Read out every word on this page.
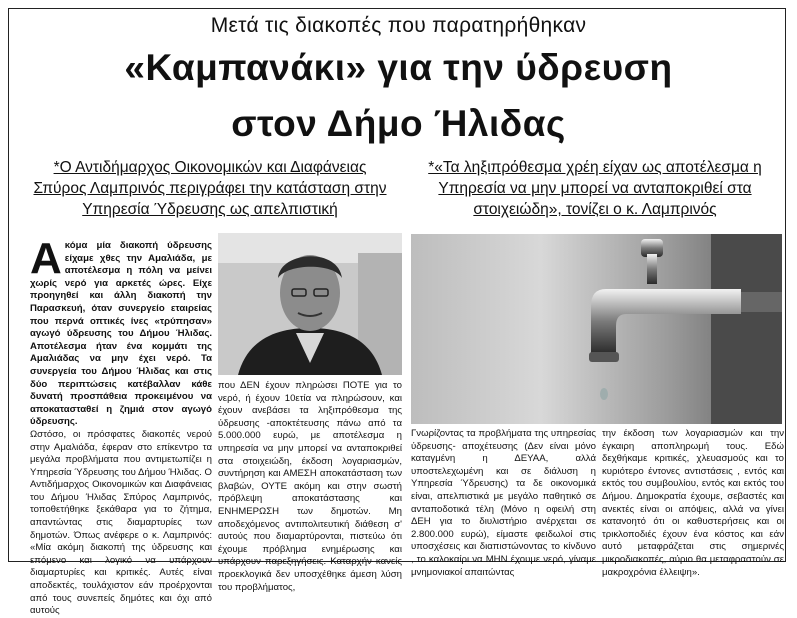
Μετά τις διακοπές που παρατηρήθηκαν
«Καμπανάκι» για την ύδρευση
στον Δήμο Ήλιδας
*Ο Αντιδήμαρχος Οικονομικών και Διαφάνειας Σπύρος Λαμπρινός περιγράφει την κατάσταση στην Υπηρεσία Ύδρευσης ως απελπιστική
*«Τα ληξιπρόθεσμα χρέη είχαν ως αποτέλεσμα η Υπηρεσία να μην μπορεί να ανταποκριθεί στα στοιχειώδη», τονίζει ο κ. Λαμπρινός
Α κόμα μία διακοπή ύδρευσης είχαμε χθες την Αμαλιάδα, με αποτέλεσμα η πόλη να μείνει χωρίς νερό για αρκετές ώρες. Είχε προηγηθεί και άλλη διακοπή την Παρασκευή, όταν συνεργείο εταιρείας που περνά οπτικές ίνες «τρύπησαν» αγωγό ύδρευσης του Δήμου Ήλιδας. Αποτέλεσμα ήταν ένα κομμάτι της Αμαλιάδας να μην έχει νερό. Τα συνεργεία του Δήμου Ήλιδας και στις δύο περιπτώσεις κατέβαλλαν κάθε δυνατή προσπάθεια προκειμένου να αποκατασταθεί η ζημιά στον αγωγό ύδρευσης.

Ωστόσο, οι πρόσφατες διακοπές νερού στην Αμαλιάδα, έφεραν στο επίκεντρο τα μεγάλα προβλήματα που αντιμετωπίζει η Υπηρεσία Ύδρευσης του Δήμου Ήλιδας. Ο Αντιδήμαρχος Οικονομικών και Διαφάνειας του Δήμου Ήλιδας Σπύρος Λαμπρινός, τοποθετήθηκε ξεκάθαρα για το ζήτημα, απαντώντας στις διαμαρτυρίες των δημοτών. Όπως ανέφερε ο κ. Λαμπρινός: «Μία ακόμη διακοπή της ύδρευσης και επόμενο και λογικό να υπάρχουν διαμαρτυρίες και κριτικές. Αυτές είναι αποδεκτές, τουλάχιστον εάν προέρχονται από τους συνεπείς δημότες και όχι από αυτούς

που ΔΕΝ έχουν πληρώσει ΠΟΤΕ για το νερό, ή έχουν 10ετία να πληρώσουν, και έχουν ανεβάσει τα ληξιπρόθεσμα της ύδρευσης -αποκτέτευσης πάνω από τα 5.000.000 ευρώ, με αποτέλεσμα η υπηρεσία να μην μπορεί να ανταποκριθεί στα στοιχειώδη, έκδοση λογαριασμών, συντήρηση και ΑΜΕΣΗ αποκατάσταση των βλαβών, ΟΥΤΕ ακόμη και στην σωστή πρόβλεψη αποκατάστασης και ΕΝΗΜΕΡΩΣΗ των δημοτών. Μη αποδεχόμενος αντιπολιτευτική διάθεση σ' αυτούς που διαμαρτύρονται, πιστεύω ότι έχουμε πρόβλημα ενημέρωσης και υπάρχουν παρεξηγήσεις. Καταρχήν κανείς προεκλογικά δεν υποσχέθηκε άμεση λύση του προβλήματος,
Γνωρίζοντας τα προβλήματα της υπηρεσίας ύδρευσης- αποχέτευσης (Δεν είναι μόνο καταγμένη η ΔΕΥΑΑ, αλλά υποστελεχωμένη και σε διάλυση η Υπηρεσία Ύδρευσης) τα δε οικονομικά είναι, απελπιστικά με μεγάλο παθητικό σε ανταποδοτικά τέλη (Μόνο η οφειλή στη ΔΕΗ για το διυλιστήριο ανέρχεται σε 2.800.000 ευρώ), είμαστε φειδωλοί στις υποσχέσεις και διαπιστώνοντας το κίνδυνο , το καλοκαίρι να ΜΗΝ έχουμε νερό, γίναμε μνημονιακοί απαιτώντας
την έκδοση των λογαριασμών και την έγκαιρη αποπληρωμή τους. Εδώ δεχθήκαμε κριτικές, χλευασμούς και το κυριότερο έντονες αντιστάσεις , εντός και εκτός του συμβουλίου, εντός και εκτός του Δήμου. Δημοκρατία έχουμε, σεβαστές και ανεκτές είναι οι απόψεις, αλλά να γίνει κατανοητό ότι οι καθυστερήσεις και οι τρικλοποδιές έχουν ένα κόστος και εάν αυτό μεταφράζεται στις σημερινές μικροδιακοπές, αύριο θα μεταφραστούν σε μακροχρόνια έλλειψη».
